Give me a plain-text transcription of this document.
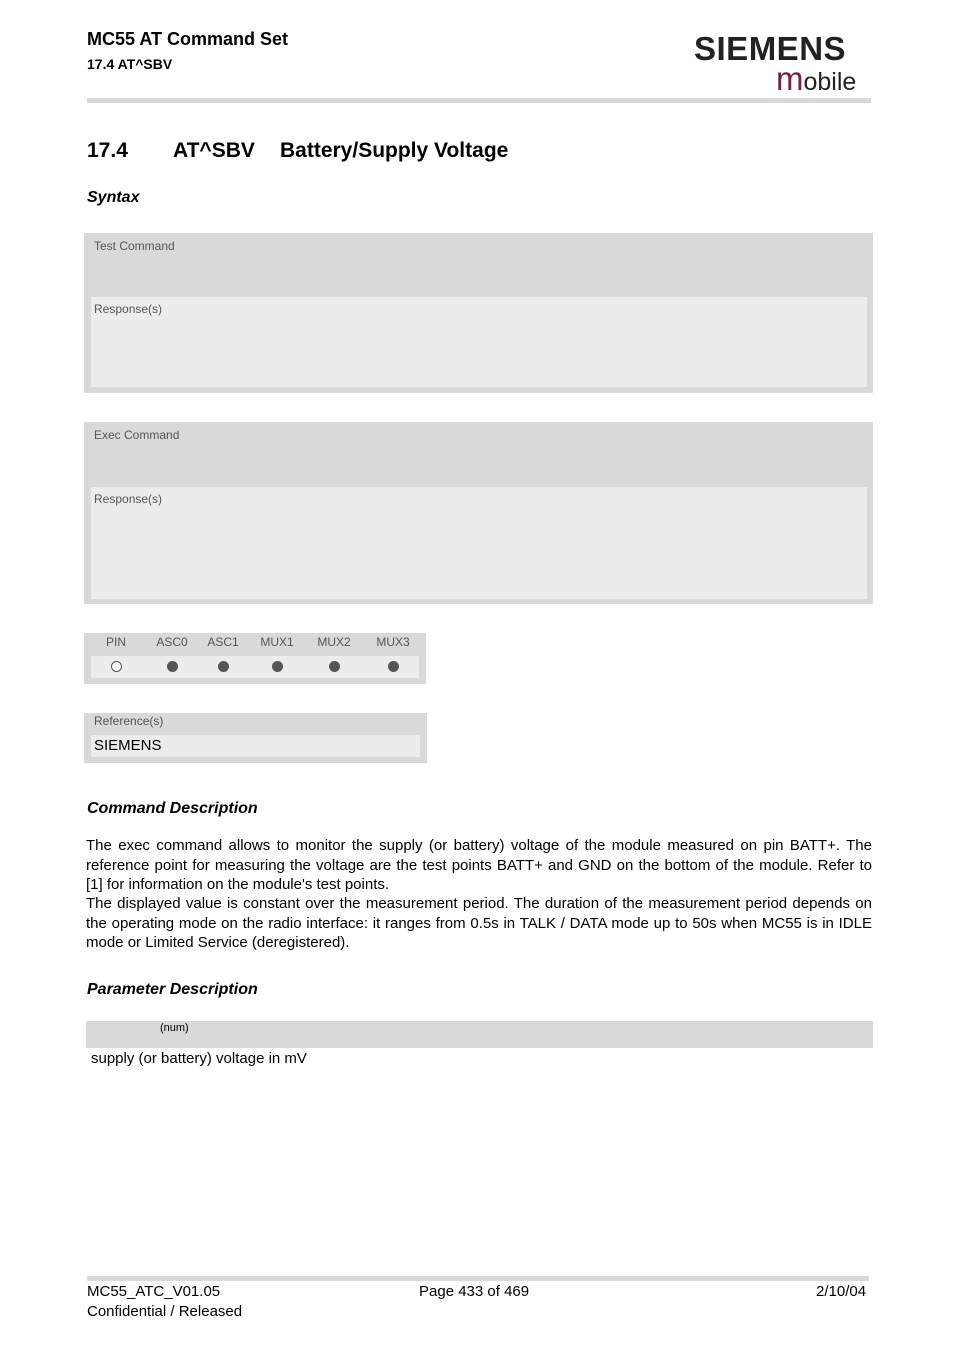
MC55 AT Command Set
17.4 AT^SBV	SIEMENS
mobile
17.4 AT^SBV Battery/Supply Voltage
Syntax
Test Command
Response(s)
Exec Command
Response(s)
PIN	ASC0	ASC1	MUX1	MUX2	MUX3
Reference(s)
SIEMENS
Command Description
The exec command allows to monitor the supply (or battery) voltage of the module measured on pin BATT+. The reference point for measuring the voltage are the test points BATT+ and GND on the bottom of the module. Refer to [1] for information on the module's test points.
The displayed value is constant over the measurement period. The duration of the measurement period depends on the operating mode on the radio interface: it ranges from 0.5s in TALK / DATA mode up to 50s when MC55 is in IDLE mode or Limited Service (deregistered).
Parameter Description
(num)
supply (or battery) voltage in mV
MC55_ATC_V01.05
Confidential / Released
Page 433 of 469	2/10/04
